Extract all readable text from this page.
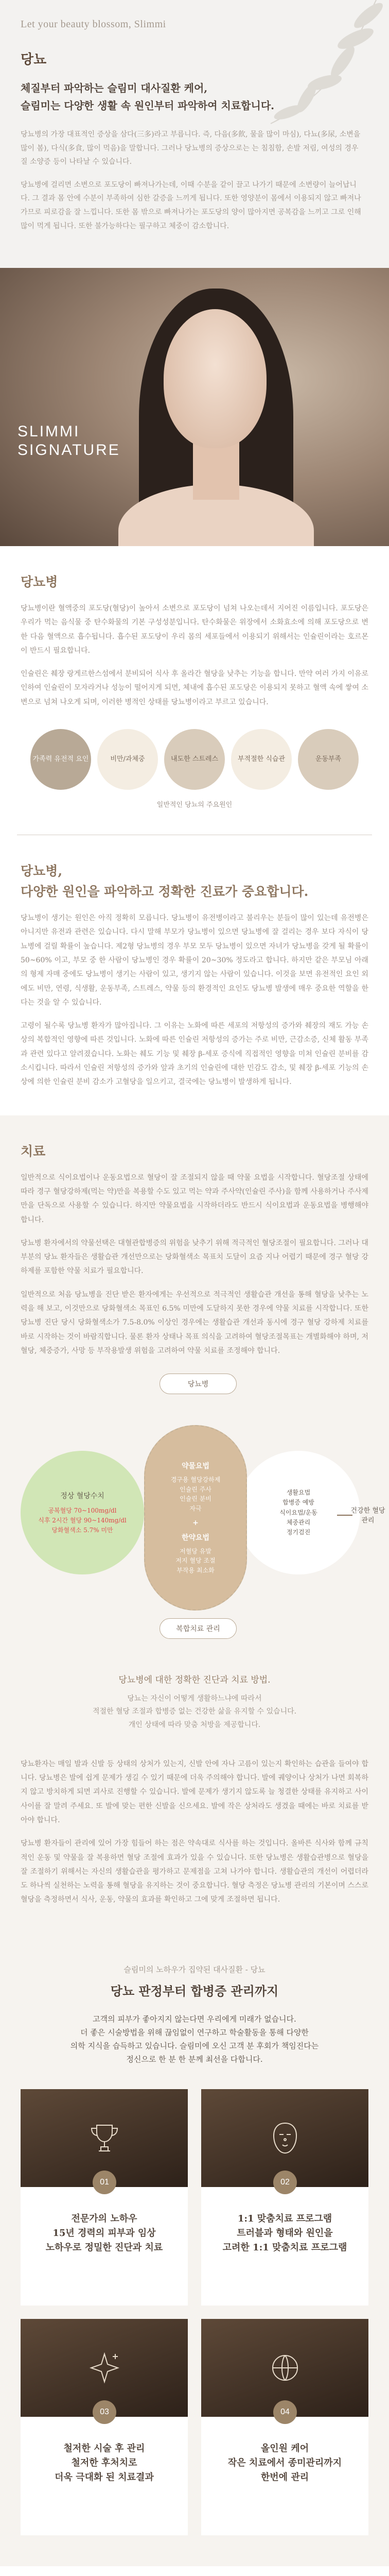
Let your beauty blossom, Slimmi
당뇨
체질부터 파악하는 슬림미 대사질환 케어,
슬림미는 다양한 생활 속 원인부터 파악하여 치료합니다.

당뇨병의 가장 대표적인 증상을 삼다(三多)라고 부릅니다. 즉, 다음(多飮, 물을 많이 마심), 다뇨(多尿, 소변을 많이 봄), 다식(多食, 많이 먹음)을 말합니다. 그러나 당뇨병의 증상으로는 는 침침함, 손발 저림, 여성의 경우 질 소양증 등이 나타날 수 있습니다.

당뇨병에 걸리면 소변으로 포도당이 빠져나가는데, 이때 수분을 같이 끌고 나가기 때문에 소변량이 늘어납니다. 그 결과 몸 안에 수분이 부족하여 심한 갈증을 느끼게 됩니다. 또한 영양분이 몸에서 이용되지 않고 빠져나가므로 피로감을 잘 느낍니다. 또한 몸 밖으로 빠져나가는 포도당의 양이 많아지면 공복감을 느끼고 그로 인해 많이 먹게 됩니다. 또한 불가능하다는 필구하고 체중이 감소합니다.

SLIMMI
SIGNATURE
당뇨병

당뇨병이란 혈액중의 포도당(혈당)이 높아서 소변으로 포도당이 넘쳐 나오는데서 지어진 이름입니다. 포도당은 우리가 먹는 음식물 중 탄수화물의 기본 구성성분입니다. 탄수화물은 위장에서 소화효소에 의해 포도당으로 변한 다음 혈액으로 흡수됩니다. 흡수된 포도당이 우리 몸의 세포들에서 이용되기 위해서는 인슐린이라는 호르몬이 반드시 필요합니다.

인슐린은 췌장 랑게르한스섬에서 분비되어 식사 후 올라간 혈당을 낮추는 기능을 합니다. 만약 여러 가지 이유로 인하여 인슐린이 모자라거나 성능이 떨어지게 되면, 체내에 흡수된 포도당은 이용되지 못하고 혈액 속에 쌓여 소변으로 넘쳐 나오게 되며, 이러한 병적인 상태를 당뇨병이라고 부르고 있습니다.

가족력 유전적 요인	비만/과체중	내도한 스트레스	부적절한 식습관	운동부족
일반적인 당뇨의 주요원인
당뇨병,
다양한 원인을 파악하고 정확한 진료가 중요합니다.

당뇨병이 생기는 원인은 아직 정확히 모릅니다. 당뇨병이 유전병이라고 불리우는 분들이 많이 있는데 유전병은 아니지만 유전과 관련은 있습니다. 다시 말해 부모가 당뇨병이 있으면 당뇨병에 잘 걸리는 경우 보다 자식이 당뇨병에 걸릴 확률이 높습니다. 제2형 당뇨병의 경우 부모 모두 당뇨병이 있으면 자녀가 당뇨병을 갖게 될 확률이 50~60% 이고, 부모 중 한 사람이 당뇨병인 경우 확률이 20~30% 정도라고 합니다. 하지만 같은 부모님 아래의 형제 자매 중에도 당뇨병이 생기는 사람이 있고, 생기지 않는 사람이 있습니다. 이것을 보면 유전적인 요인 외에도 비만, 연령, 식생활, 운동부족, 스트레스, 약물 등의 환경적인 요인도 당뇨병 발생에 매우 중요한 역할을 한다는 것을 알 수 있습니다.

고령이 될수록 당뇨병 환자가 많아집니다. 그 이유는 노화에 따른 세포의 저항성의 증가와 췌장의 재도 가능 손상의 복합적인 영향에 따른 것입니다. 노화에 따른 인슐린 저항성의 증가는 주로 비만, 근감소증, 신체 활동 부족과 관련 있다고 알려졌습니다. 노화는 췌도 기능 및 췌장 β-세포 증식에 직접적인 영향을 미쳐 인슐린 분비를 감소시킵니다. 따라서 인슐린 저항성의 증가와 앞과 초기의 인슐린에 대한 민감도 감소, 및 췌장 β-세포 기능의 손상에 의한 인슐린 분비 감소가 고혈당을 일으키고, 결국에는 당뇨병이 발생하게 됩니다.

치료

일반적으로 식이요법이나 운동요법으로 혈당이 잘 조절되지 않을 때 약물 요법을 시작합니다. 혈당조절 상태에 따라 경구 혈당강하제(먹는 약)만을 복용할 수도 있고 먹는 약과 주사약(인슐린 주사)을 함께 사용하거나 주사제만을 단독으로 사용할 수 있습니다. 하지만 약물요법을 시작하더라도 반드시 식이요법과 운동요법을 병행해야 합니다.

당뇨병 환자에서의 약물선택은 대혈관합병증의 위험을 낮추기 위해 적극적인 혈당조절이 필요합니다. 그러나 대부분의 당뇨 환자들은 생활습관 개선만으로는 당화혈색소 목표치 도달이 요즘 지나 어렵기 때문에 경구 혈당 강하제를 포함한 약물 치료가 필요합니다.

일반적으로 처음 당뇨병을 진단 받은 환자에게는 우선적으로 적극적인 생활습관 개선을 통해 혈당을 낮추는 노력을 해 보고, 이것만으로 당화혈색소 목표인 6.5% 미만에 도달하지 못한 경우에 약물 치료를 시작합니다. 또한 당뇨병 진단 당시 당화혈색소가 7.5-8.0% 이상인 경우에는 생활습관 개선과 동시에 경구 혈당 강하제 치료를 바로 시작하는 것이 바람직합니다. 물론 환자 상태나 목표 의식을 고려하여 혈당조절목표는 개별화해야 하며, 저혈당, 체중증가, 사망 등 부작용발생 위험을 고려하여 약물 치료를 조정해야 합니다.

당뇨병
정상 혈당수치
공복혈당 70~100mg/dl
식후 2시간 혈당 90~140mg/dl
당화혈색소 5.7% 미만
생활요법
합병증 예방
식이요법/운동
체중관리
정기검진
약물요법
경구용 혈당강하제
인슐린 주사
인슐린 분비
자극
+
한약요법
저혈당 유발
저지 혈당 조절
부작용 최소화
건강한 혈당관리
복합치료 관리
당뇨병에 대한 정확한 진단과 치료 방법.
당뇨는 자신이 어떻게 생활하느냐에 따라서
적절한 혈당 조절과 합병증 없는 건강한 삶을 유지할 수 있습니다.
개인 상태에 따라 맞춤 처방을 제공합니다.

당뇨환자는 매일 발과 신발 등 상태의 상처가 있는지, 신발 안에 자나 고름이 있는지 확인하는 습관을 들여야 합니다. 당뇨병은 발에 쉽게 문제가 생길 수 있기 때문에 더욱 주의해야 합니다. 발에 궤양이나 상처가 나면 회복하지 않고 방치하게 되면 괴사로 진행할 수 있습니다. 발에 문제가 생기지 않도록 늘 청결한 상태를 유지하고 사이 사이를 잘 말려 주세요. 또 발에 맞는 편한 신발을 신으세요. 발에 작은 상처라도 생겼을 때에는 바로 치료를 받아야 합니다.

당뇨병 환자들이 관리에 있어 가장 힘들어 하는 점은 약속대로 식사를 하는 것입니다. 올바른 식사와 함께 규칙적인 운동 및 약물을 잘 복용하면 혈당 조절에 효과가 있을 수 있습니다. 또한 당뇨병은 생활습관병으로 혈당을 잘 조절하기 위해서는 자신의 생활습관을 평가하고 문제점을 고쳐 나가야 합니다. 생활습관의 개선이 어렵더라도 하나씩 실천하는 노력을 통해 혈당을 유지하는 것이 중요합니다. 혈당 측정은 당뇨병 관리의 기본이며 스스로 혈당을 측정하면서 식사, 운동, 약물의 효과를 확인하고 그에 맞게 조절하면 됩니다.

슬림미의 노하우가 집약된 대사질환 - 당뇨
당뇨 판정부터 합병증 관리까지
고객의 피부가 좋아지지 않는다면 우리에게 미래가 없습니다.
더 좋은 시술방법을 위해 끊임없이 연구하고 학술활동을 통해 다양한
의학 지식을 습득하고 있습니다. 슬림미에 오신 고객 분 후회가 책임진다는
정신으로 한 분 한 분께 최선을 다합니다.
01
전문가의 노하우
15년 경력의 피부과 임상
노하우로 정밀한 진단과 치료
02
1:1 맞춤치료 프로그램
트러블과 형태와 원인을
고려한 1:1 맞춤치료 프로그램
03
철저한 시술 후 관리
철저한 후처치로
더욱 극대화 된 치료결과
04
올인원 케어
작은 치료에서 종미관리까지
한번에 관리
